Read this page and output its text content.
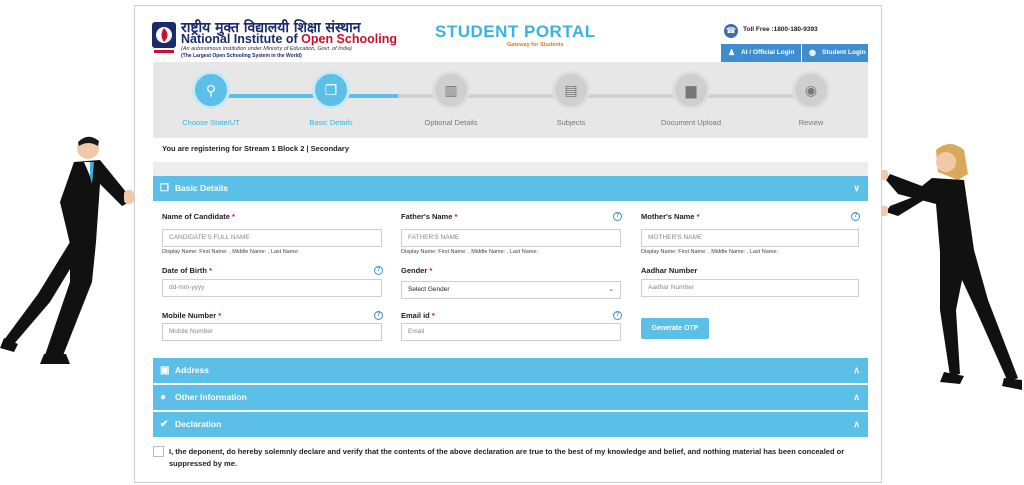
राष्ट्रीय मुक्त विद्यालयी शिक्षा संस्थान
National Institute of Open Schooling
(An autonomous institution under Ministry of Education, Govt. of India)
(The Largest Open Schooling System in the World)
STUDENT PORTAL
Gateway for Students
☎	Toll Free :1800-180-9393
♟ AI / Official Login	◉ Student Login
⚲	❐	▥	▤	▆	◉
Choose State/UT	Basic Details	Optional Details	Subjects	Document Upload	Review
You are registering for Stream 1 Block 2 | Secondary
❐ Basic Details	∨
Name of Candidate *
CANDIDATE'S FULL NAME
Display Name: First Name: , Middle Name: , Last Name:
Father's Name *	?
FATHER'S NAME
Display Name: First Name: , Middle Name: , Last Name:
Mother's Name *	?
MOTHER'S NAME
Display Name: First Name: , Middle Name: , Last Name:
Date of Birth *	?
dd-mm-yyyy
Gender *
Select Gender	⌄
Aadhar Number
Aadhar Number
Mobile Number *	?
Mobile Number
Email id *	?
Email	Generate OTP
▣ Address	∧
● Other Information	∧
✔ Declaration	∧
I, the deponent, do hereby solemnly declare and verify that the contents of the above declaration are true to the best of my knowledge and belief, and nothing material has been concealed or suppressed by me.
